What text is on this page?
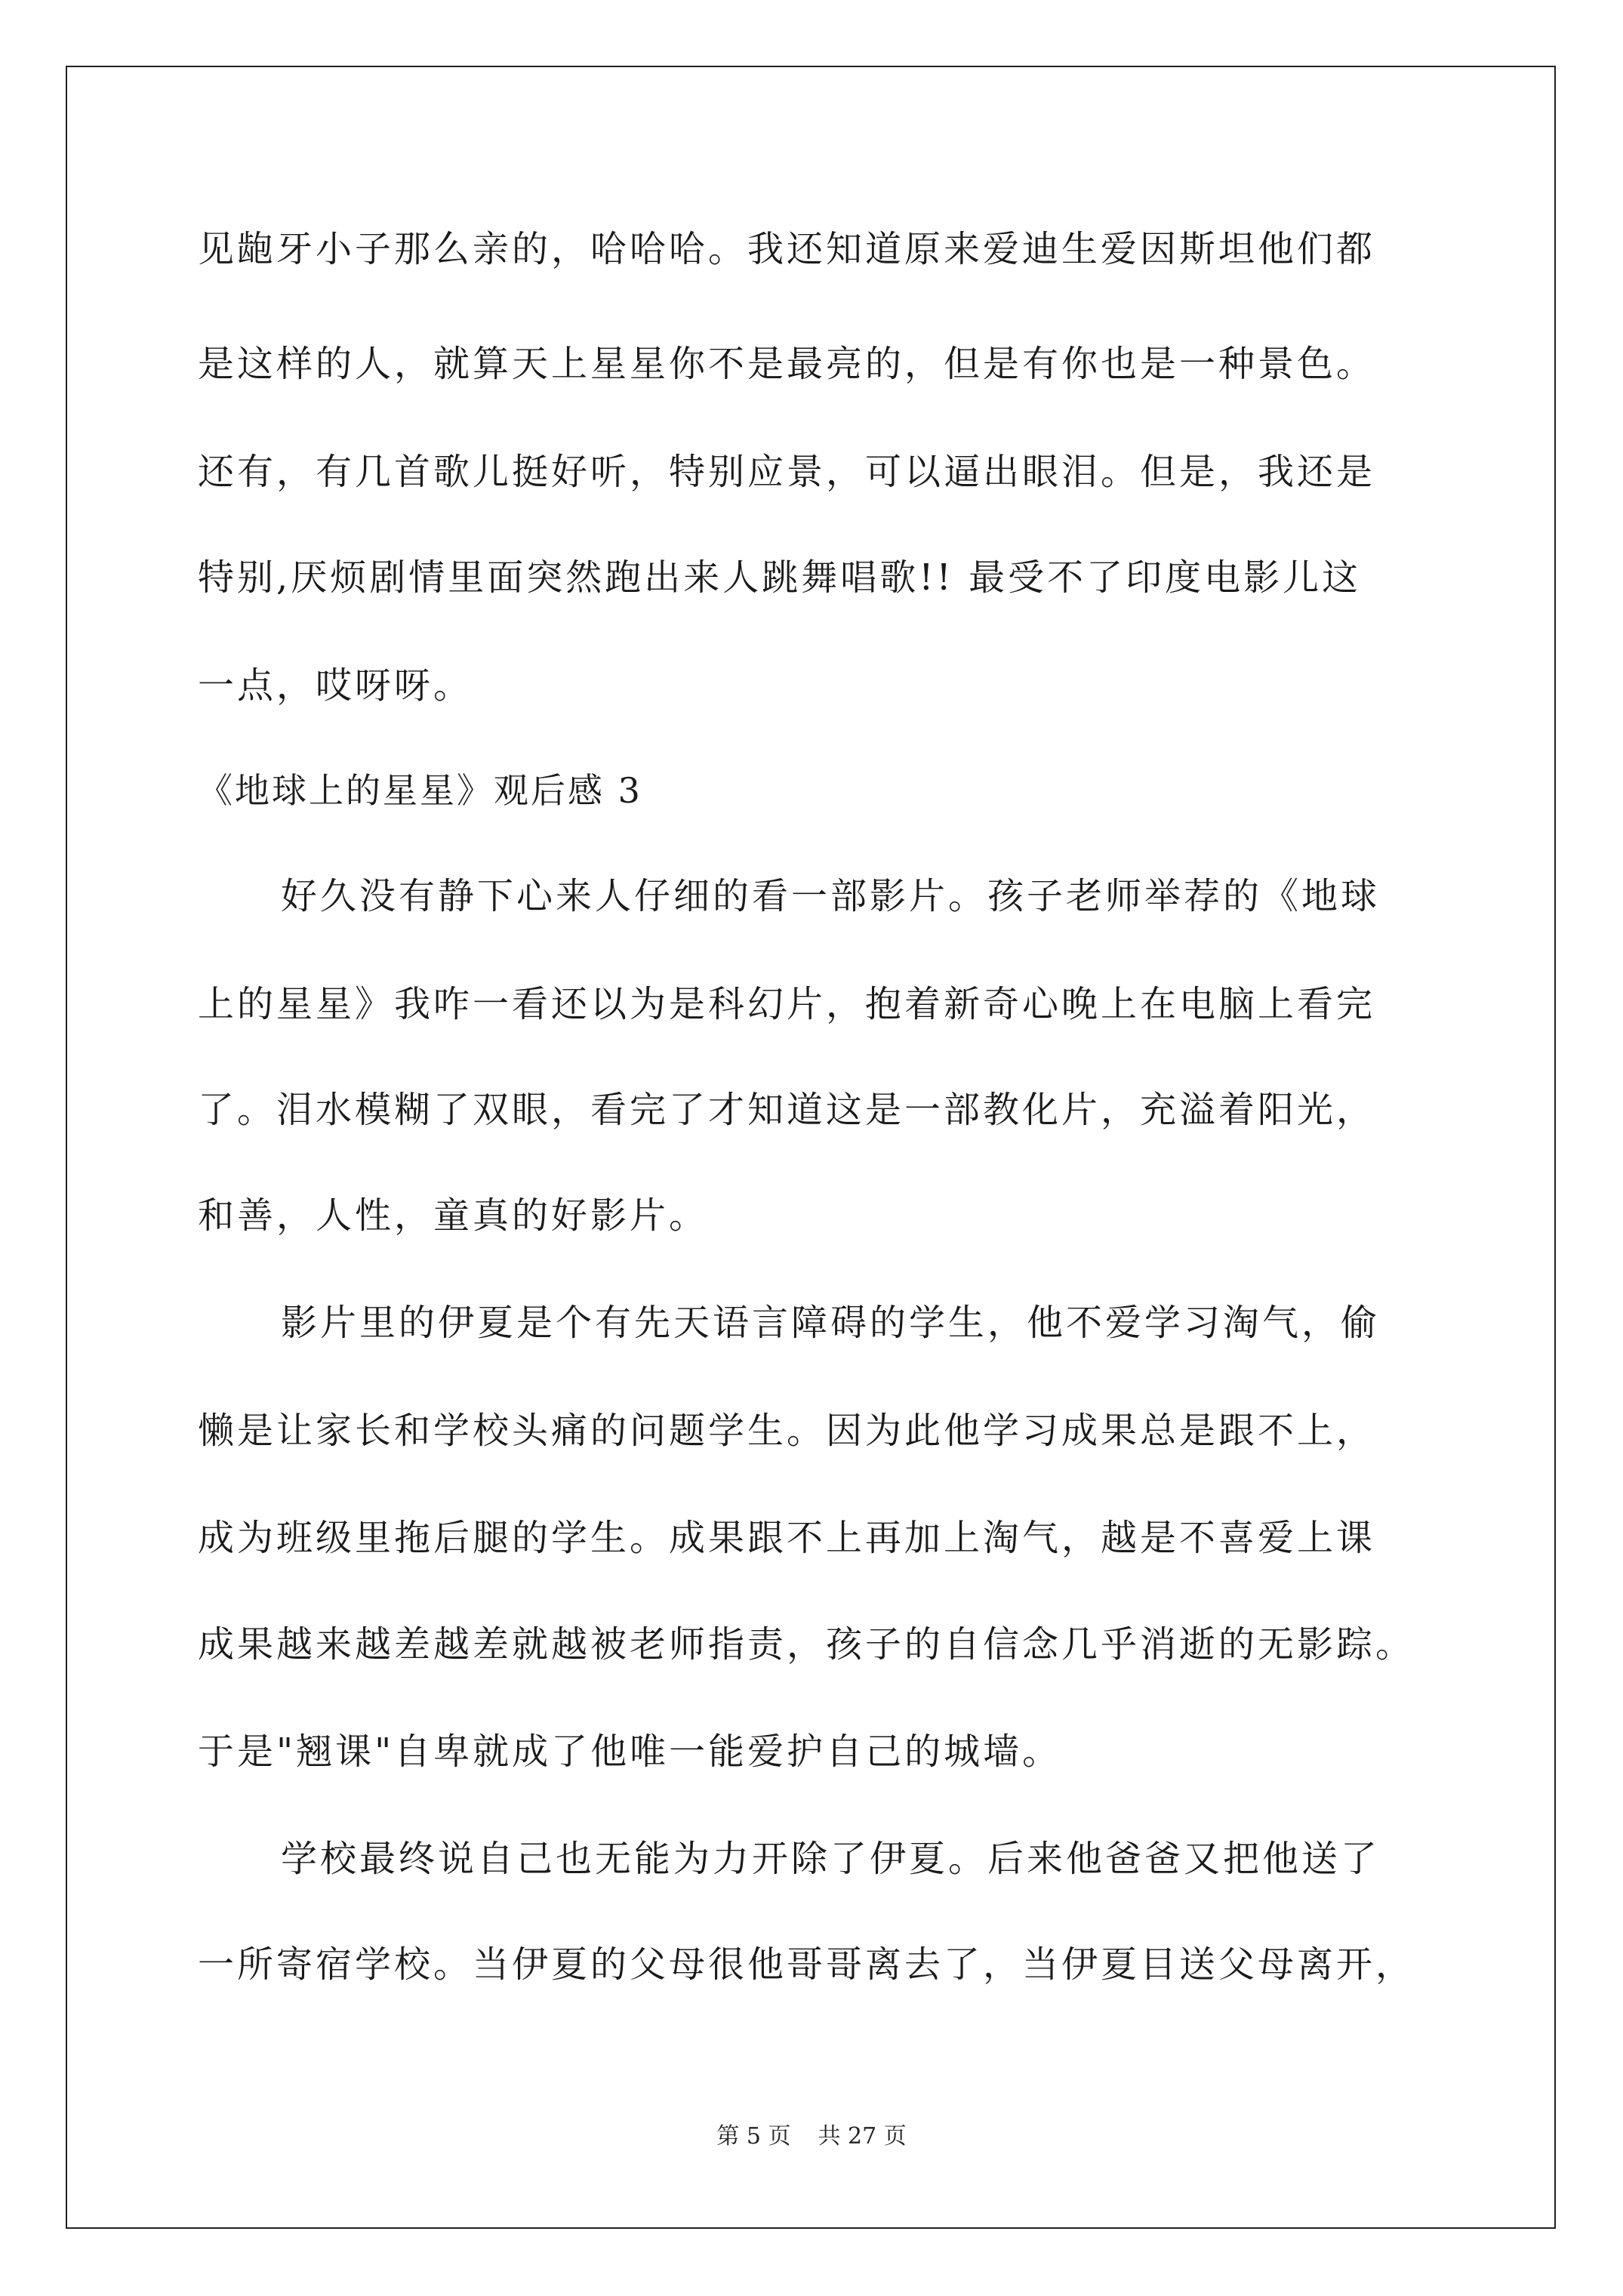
见龅牙小子那么亲的，哈哈哈。我还知道原来爱迪生爱因斯坦他们都
是这样的人，就算天上星星你不是最亮的，但是有你也是一种景色。
还有，有几首歌儿挺好听，特别应景，可以逼出眼泪。但是，我还是
特别,厌烦剧情里面突然跑出来人跳舞唱歌!! 最受不了印度电影儿这
一点，哎呀呀。
《地球上的星星》观后感 3
好久没有静下心来人仔细的看一部影片。孩子老师举荐的《地球
上的星星》我咋一看还以为是科幻片，抱着新奇心晚上在电脑上看完
了。泪水模糊了双眼，看完了才知道这是一部教化片，充溢着阳光，
和善，人性，童真的好影片。
影片里的伊夏是个有先天语言障碍的学生，他不爱学习淘气，偷
懒是让家长和学校头痛的问题学生。因为此他学习成果总是跟不上，
成为班级里拖后腿的学生。成果跟不上再加上淘气，越是不喜爱上课
成果越来越差越差就越被老师指责，孩子的自信念几乎消逝的无影踪。
于是"翘课"自卑就成了他唯一能爱护自己的城墙。
学校最终说自己也无能为力开除了伊夏。后来他爸爸又把他送了
一所寄宿学校。当伊夏的父母很他哥哥离去了，当伊夏目送父母离开，
第 5 页 共 27 页
